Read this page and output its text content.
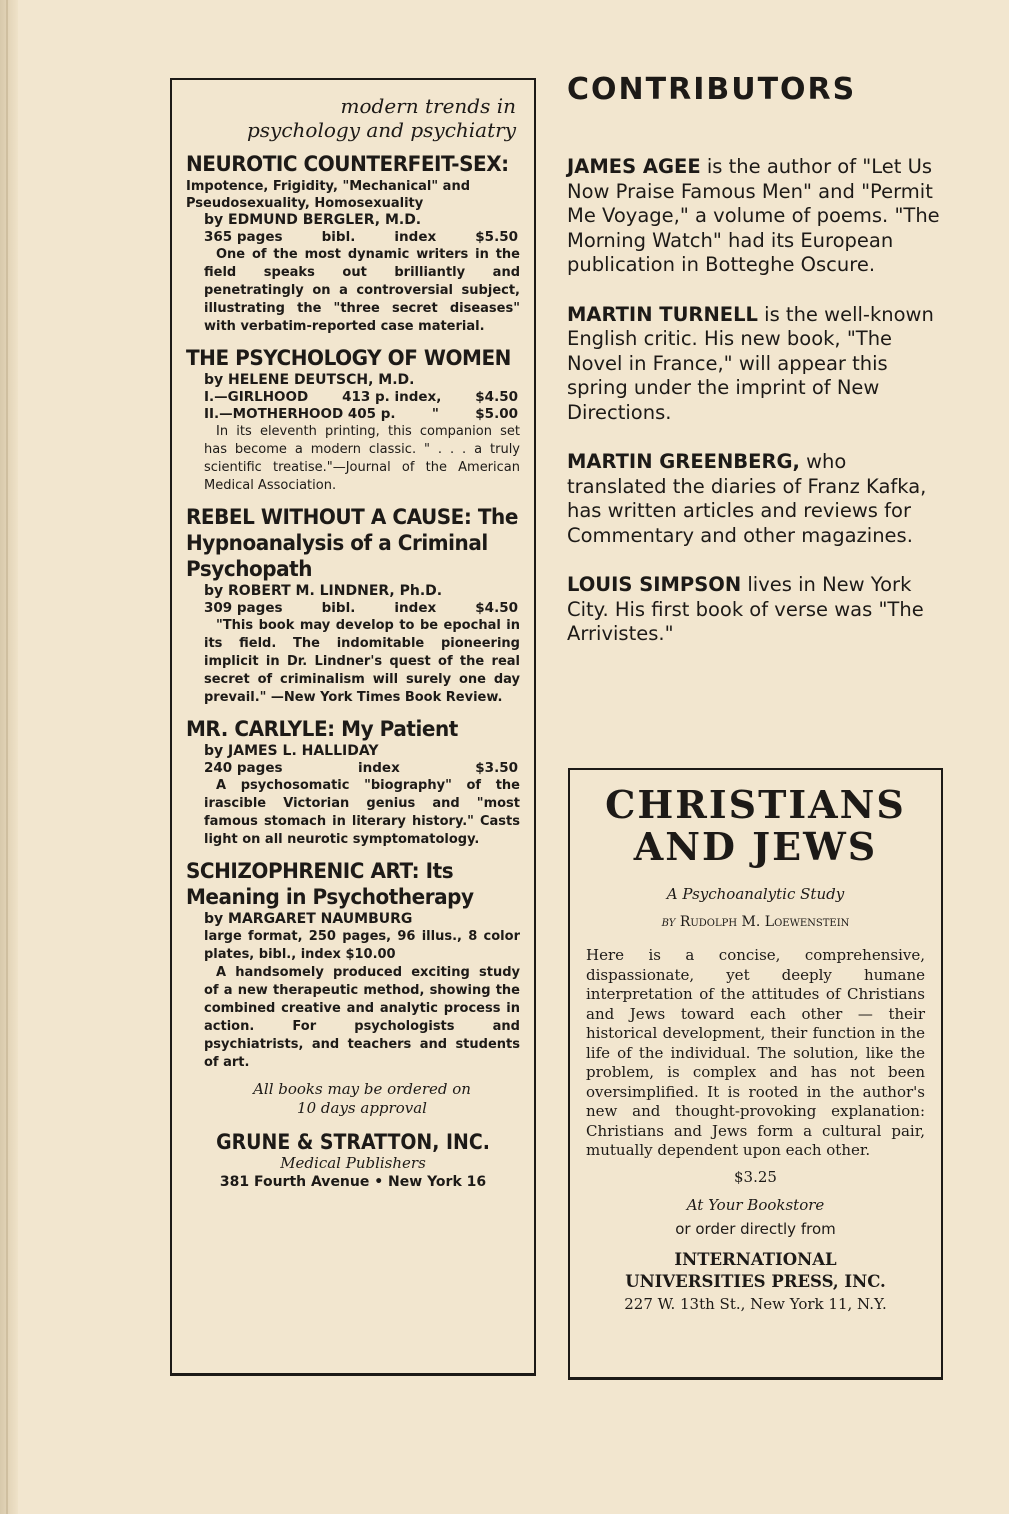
modern trends in
psychology and psychiatry
NEUROTIC COUNTERFEIT-SEX:
Impotence, Frigidity, "Mechanical" and Pseudosexuality, Homosexuality
by EDMUND BERGLER, M.D.
365 pages	bibl.	index	$5.50
One of the most dynamic writers in the field speaks out brilliantly and penetratingly on a controversial subject, illustrating the "three secret diseases" with verbatim-reported case material.
THE PSYCHOLOGY OF WOMEN
by HELENE DEUTSCH, M.D.
I.—GIRLHOOD	413 p. index,	$4.50
II.—MOTHERHOOD 405 p.	"	$5.00
In its eleventh printing, this companion set has become a modern classic. " . . . a truly scientific treatise."—Journal of the American Medical Association.
REBEL WITHOUT A CAUSE: The Hypnoanalysis of a Criminal Psychopath
by ROBERT M. LINDNER, Ph.D.
309 pages	bibl.	index	$4.50
"This book may develop to be epochal in its field. The indomitable pioneering implicit in Dr. Lindner's quest of the real secret of criminalism will surely one day prevail." —New York Times Book Review.
MR. CARLYLE: My Patient
by JAMES L. HALLIDAY
240 pages	index	$3.50
A psychosomatic "biography" of the irascible Victorian genius and "most famous stomach in literary history." Casts light on all neurotic symptomatology.
SCHIZOPHRENIC ART: Its Meaning in Psychotherapy
by MARGARET NAUMBURG
large format, 250 pages, 96 illus., 8 color plates, bibl., index $10.00
A handsomely produced exciting study of a new therapeutic method, showing the combined creative and analytic process in action. For psychologists and psychiatrists, and teachers and students of art.
All books may be ordered on
10 days approval
GRUNE & STRATTON, INC.
Medical Publishers
381 Fourth Avenue • New York 16
CONTRIBUTORS
JAMES AGEE is the author of "Let Us Now Praise Famous Men" and "Permit Me Voyage," a volume of poems. "The Morning Watch" had its European publication in Botteghe Oscure.
MARTIN TURNELL is the well-known English critic. His new book, "The Novel in France," will appear this spring under the imprint of New Directions.
MARTIN GREENBERG, who translated the diaries of Franz Kafka, has written articles and reviews for Commentary and other magazines.
LOUIS SIMPSON lives in New York City. His first book of verse was "The Arrivistes."
CHRISTIANS
AND JEWS
A Psychoanalytic Study
by Rudolph M. Loewenstein
Here is a concise, comprehensive, dispassionate, yet deeply humane interpretation of the attitudes of Christians and Jews toward each other — their historical development, their function in the life of the individual. The solution, like the problem, is complex and has not been oversimplified. It is rooted in the author's new and thought-provoking explanation: Christians and Jews form a cultural pair, mutually dependent upon each other.
$3.25
At Your Bookstore
or order directly from
INTERNATIONAL
UNIVERSITIES PRESS, INC.
227 W. 13th St., New York 11, N.Y.
